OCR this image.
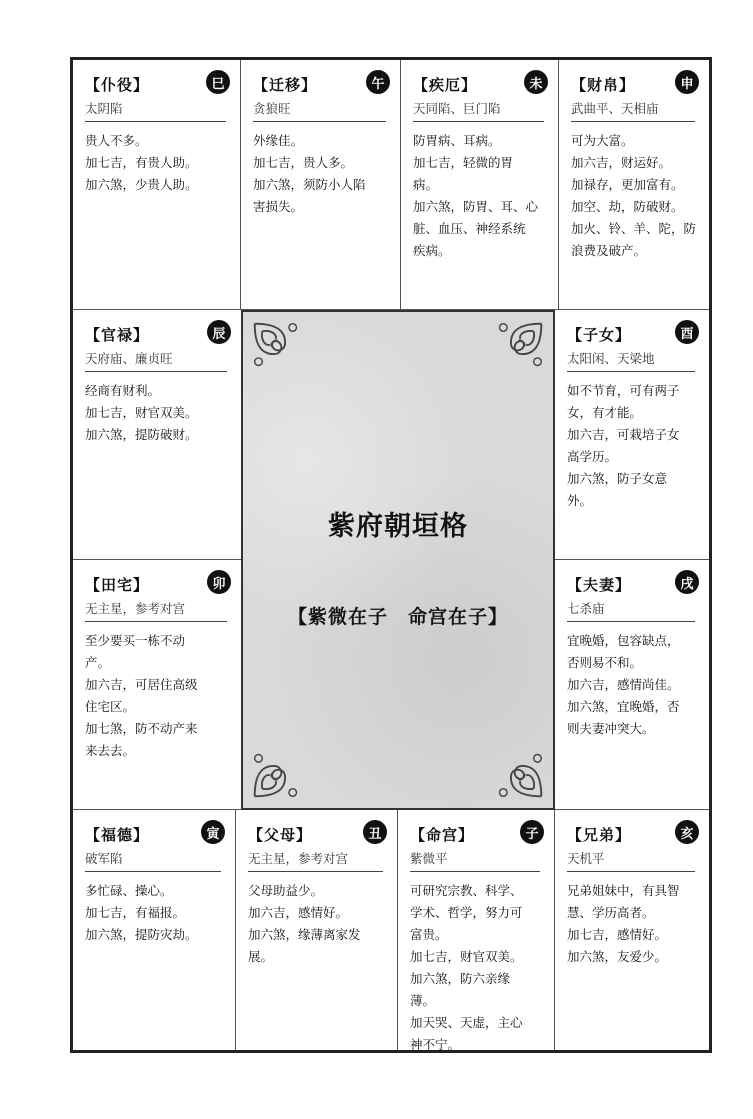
【仆役】	巳
太阴陷
贵人不多。
加七吉，有贵人助。
加六煞，少贵人助。
【迁移】	午
贪狼旺
外缘佳。
加七吉，贵人多。
加六煞，须防小人陷
害损失。
【疾厄】	未
天同陷、巨门陷
防胃病、耳病。
加七吉，轻微的胃
病。
加六煞，防胃、耳、心
脏、血压、神经系统
疾病。
【财帛】	申
武曲平、天相庙
可为大富。
加六吉，财运好。
加禄存，更加富有。
加空、劫，防破财。
加火、铃、羊、陀，防
浪费及破产。
【官禄】	辰
天府庙、廉贞旺
经商有财利。
加七吉，财官双美。
加六煞，提防破财。
【田宅】	卯
无主星，参考对宫
至少要买一栋不动
产。
加六吉，可居住高级
住宅区。
加七煞，防不动产来
来去去。
【子女】	酉
太阳闲、天梁地
如不节育，可有两子
女，有才能。
加六吉，可栽培子女
高学历。
加六煞，防子女意
外。
【夫妻】	戌
七杀庙
宜晚婚，包容缺点，
否则易不和。
加六吉，感情尚佳。
加六煞，宜晚婚，否
则夫妻冲突大。
【福德】	寅
破军陷
多忙碌、操心。
加七吉，有福报。
加六煞，提防灾劫。
【父母】	丑
无主星，参考对宫
父母助益少。
加六吉，感情好。
加六煞，缘薄离家发
展。
【命宫】	子
紫微平
可研究宗教、科学、
学术、哲学，努力可
富贵。
加七吉，财官双美。
加六煞，防六亲缘
薄。
加天哭、天虚，主心
神不宁。
【兄弟】	亥
天机平
兄弟姐妹中，有具智
慧、学历高者。
加七吉，感情好。
加六煞，友爱少。
紫府朝垣格
【紫微在子　命宫在子】
